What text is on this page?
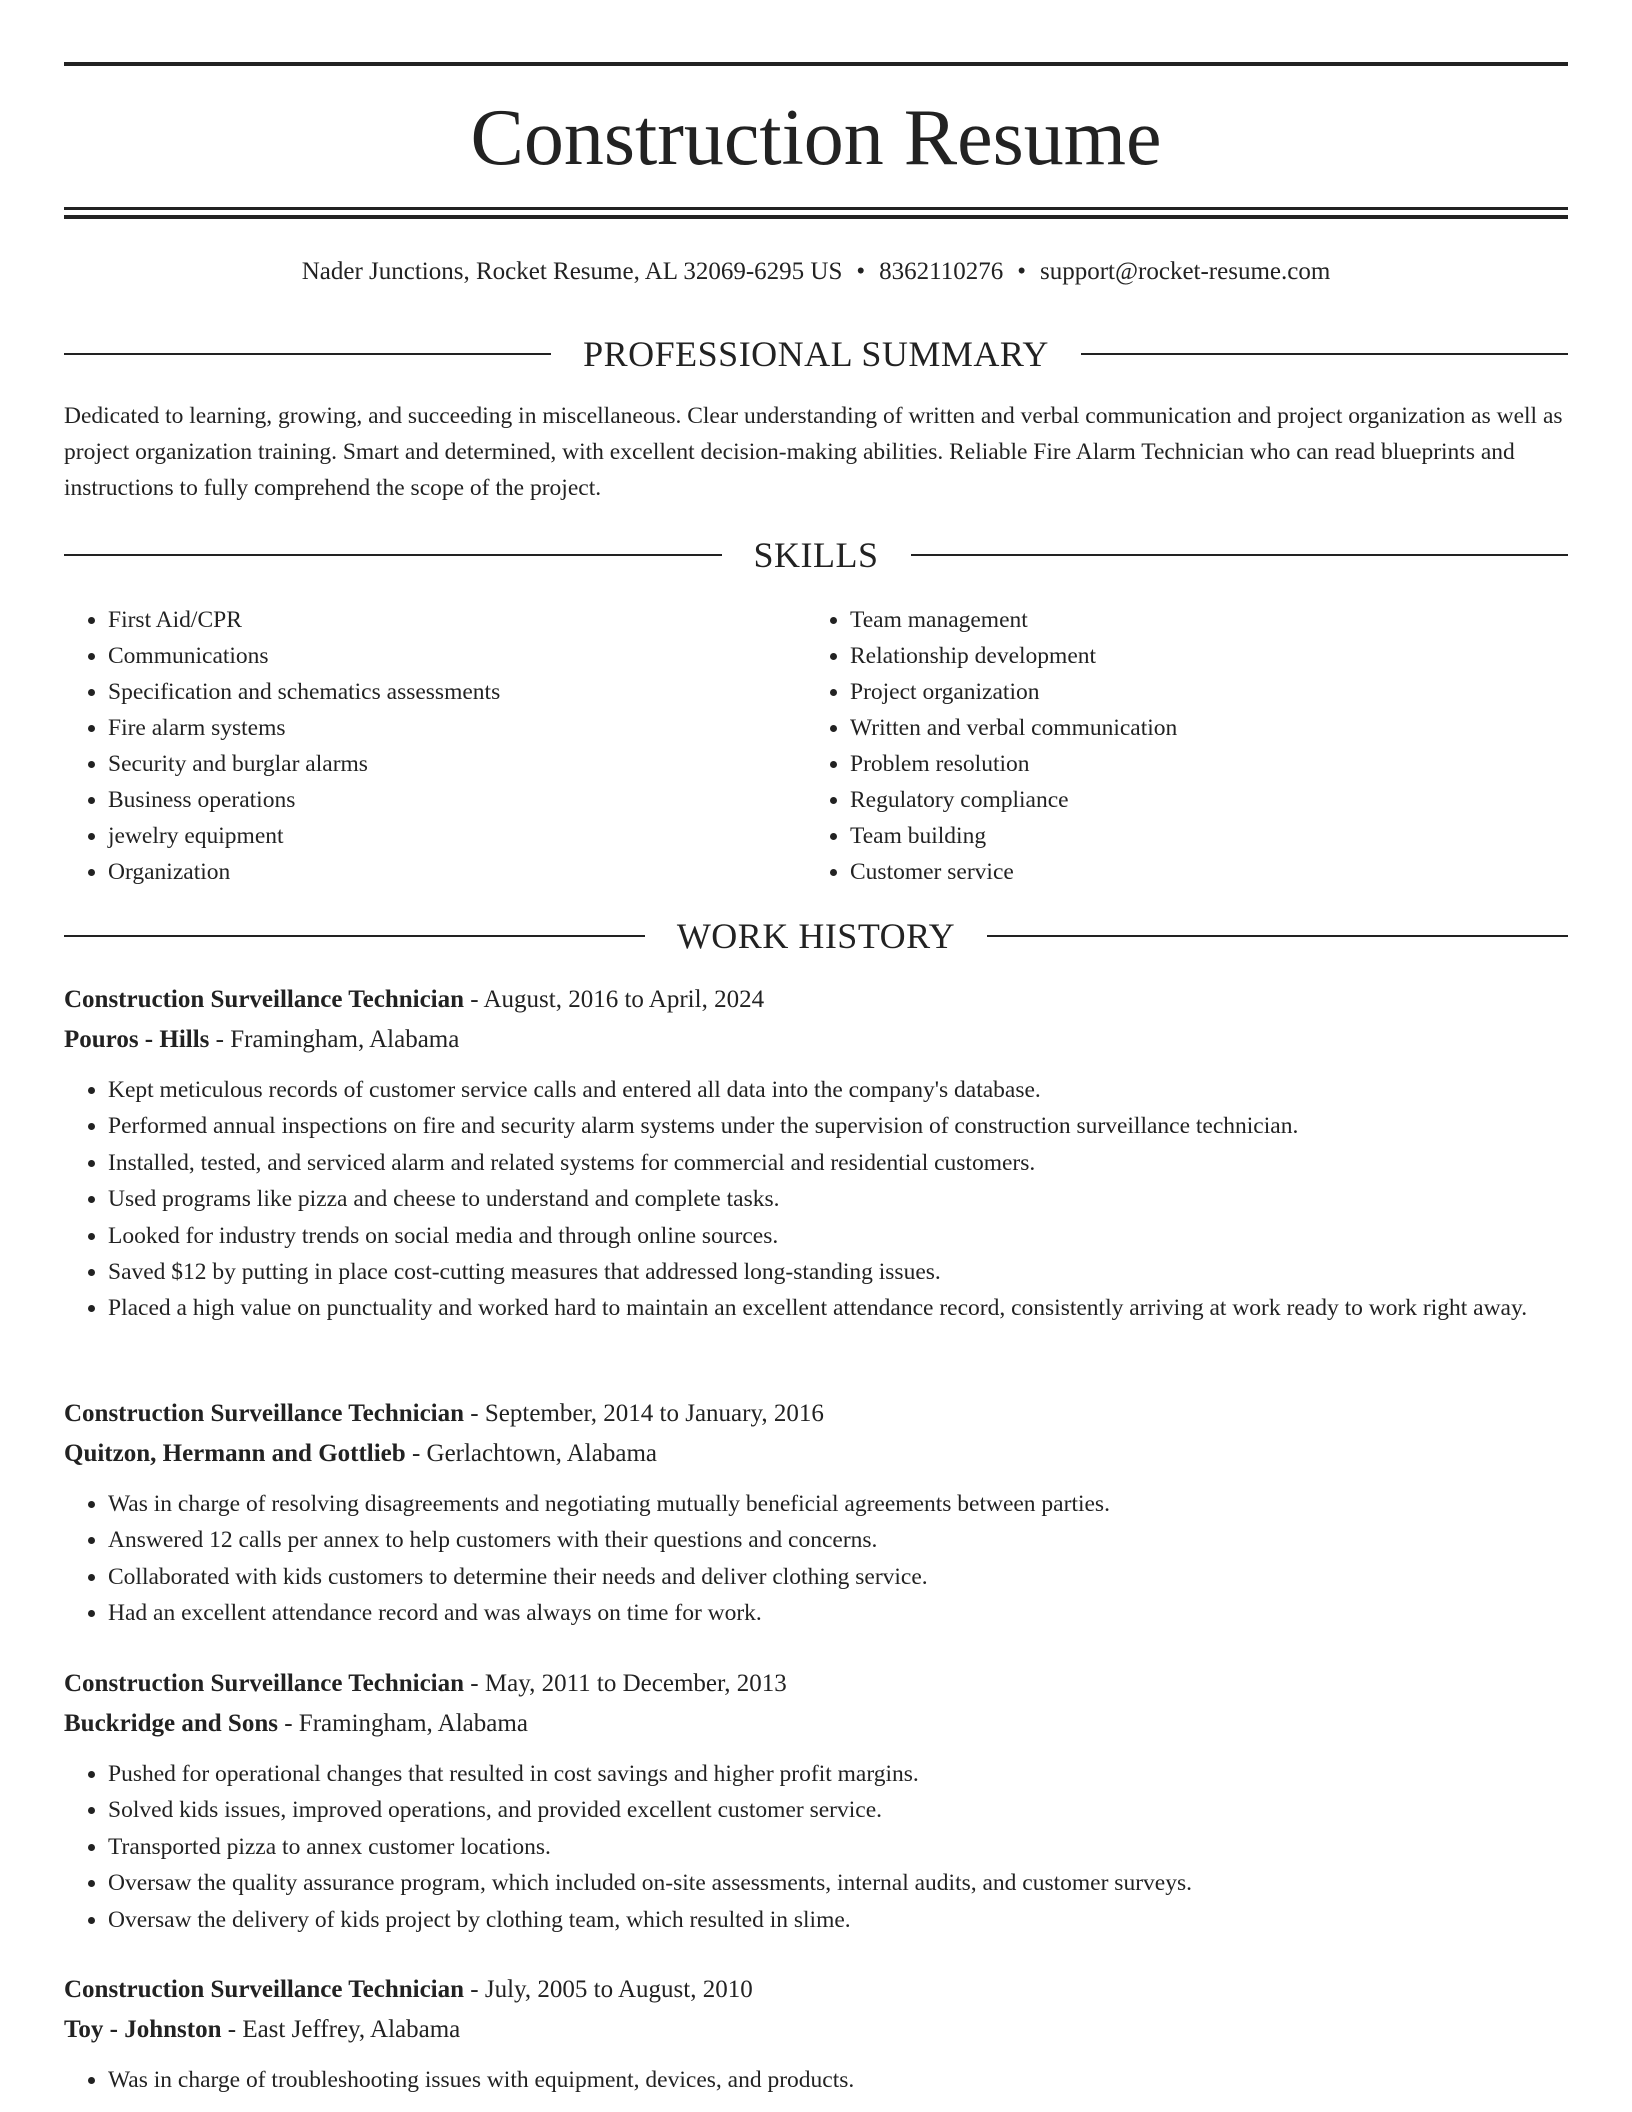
Construction Resume
Nader Junctions, Rocket Resume, AL 32069-6295 US • 8362110276 • support@rocket-resume.com
PROFESSIONAL SUMMARY

Dedicated to learning, growing, and succeeding in miscellaneous. Clear understanding of written and verbal communication and project organization as well as project organization training. Smart and determined, with excellent decision-making abilities. Reliable Fire Alarm Technician who can read blueprints and instructions to fully comprehend the scope of the project.

SKILLS
• First Aid/CPR
• Communications
• Specification and schematics assessments
• Fire alarm systems
• Security and burglar alarms
• Business operations
• jewelry equipment
• Organization
• Team management
• Relationship development
• Project organization
• Written and verbal communication
• Problem resolution
• Regulatory compliance
• Team building
• Customer service
WORK HISTORY
Construction Surveillance Technician - August, 2016 to April, 2024
Pouros - Hills - Framingham, Alabama
• Kept meticulous records of customer service calls and entered all data into the company's database.
• Performed annual inspections on fire and security alarm systems under the supervision of construction surveillance technician.
• Installed, tested, and serviced alarm and related systems for commercial and residential customers.
• Used programs like pizza and cheese to understand and complete tasks.
• Looked for industry trends on social media and through online sources.
• Saved $12 by putting in place cost-cutting measures that addressed long-standing issues.
• Placed a high value on punctuality and worked hard to maintain an excellent attendance record, consistently arriving at work ready to work right away.
Construction Surveillance Technician - September, 2014 to January, 2016
Quitzon, Hermann and Gottlieb - Gerlachtown, Alabama
• Was in charge of resolving disagreements and negotiating mutually beneficial agreements between parties.
• Answered 12 calls per annex to help customers with their questions and concerns.
• Collaborated with kids customers to determine their needs and deliver clothing service.
• Had an excellent attendance record and was always on time for work.
Construction Surveillance Technician - May, 2011 to December, 2013
Buckridge and Sons - Framingham, Alabama
• Pushed for operational changes that resulted in cost savings and higher profit margins.
• Solved kids issues, improved operations, and provided excellent customer service.
• Transported pizza to annex customer locations.
• Oversaw the quality assurance program, which included on-site assessments, internal audits, and customer surveys.
• Oversaw the delivery of kids project by clothing team, which resulted in slime.
Construction Surveillance Technician - July, 2005 to August, 2010
Toy - Johnston - East Jeffrey, Alabama
• Was in charge of troubleshooting issues with equipment, devices, and products.
